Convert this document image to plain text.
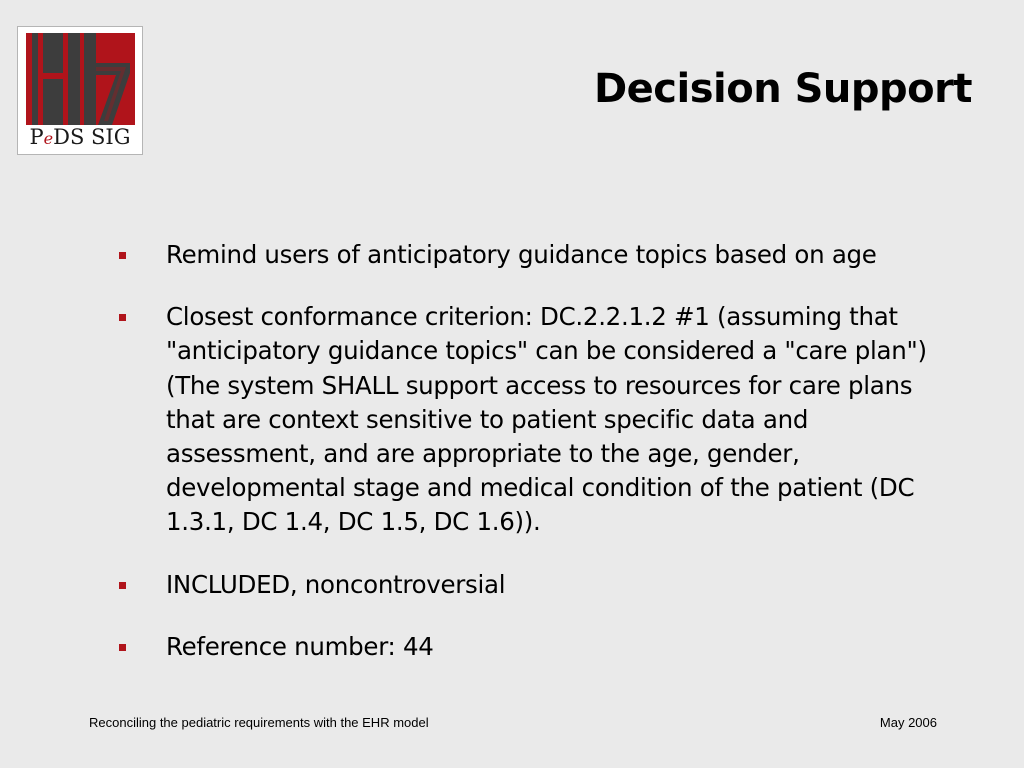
PeDS SIG
Decision Support
Remind users of anticipatory guidance topics based on age
Closest conformance criterion: DC.2.2.1.2 #1 (assuming that "anticipatory guidance topics" can be considered a "care plan") (The system SHALL support access to resources for care plans that are context sensitive to patient specific data and assessment, and are appropriate to the age, gender, developmental stage and medical condition of the patient (DC 1.3.1, DC 1.4, DC 1.5, DC 1.6)).
INCLUDED, noncontroversial
Reference number: 44
Reconciling the pediatric requirements with the EHR model	May 2006
